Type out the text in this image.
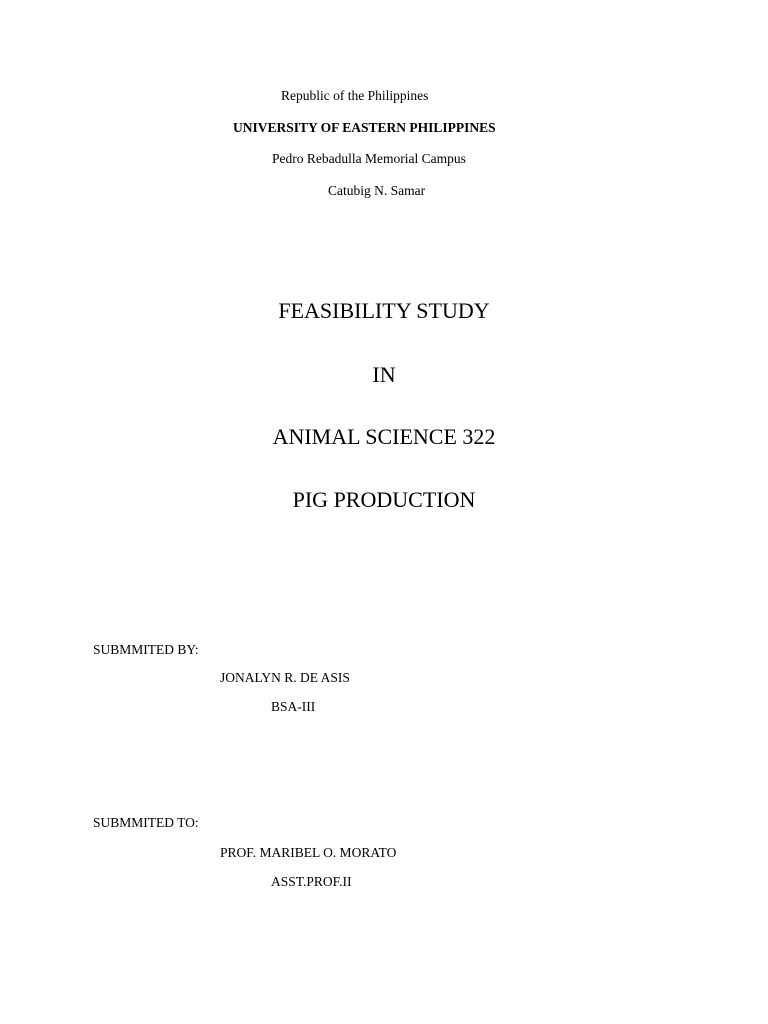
Republic of the Philippines
UNIVERSITY OF EASTERN PHILIPPINES
Pedro Rebadulla Memorial Campus
Catubig N. Samar
FEASIBILITY STUDY
IN
ANIMAL SCIENCE 322
PIG PRODUCTION
SUBMMITED BY:
JONALYN R. DE ASIS
BSA-III
SUBMMITED TO:
PROF. MARIBEL O. MORATO
ASST.PROF.II
